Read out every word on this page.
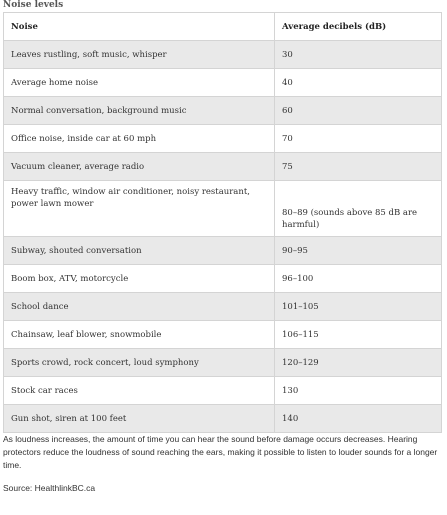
Noise levels
Noise	Average decibels (dB)
Leaves rustling, soft music, whisper	30
Average home noise	40
Normal conversation, background music	60
Office noise, inside car at 60 mph	70
Vacuum cleaner, average radio	75
Heavy traffic, window air conditioner, noisy restaurant, power lawn mower	80–89 (sounds above 85 dB are harmful)
Subway, shouted conversation	90–95
Boom box, ATV, motorcycle	96–100
School dance	101–105
Chainsaw, leaf blower, snowmobile	106–115
Sports crowd, rock concert, loud symphony	120–129
Stock car races	130
Gun shot, siren at 100 feet	140
As loudness increases, the amount of time you can hear the sound before damage occurs decreases. Hearing protectors reduce the loudness of sound reaching the ears, making it possible to listen to louder sounds for a longer time.
Source: HealthlinkBC.ca
